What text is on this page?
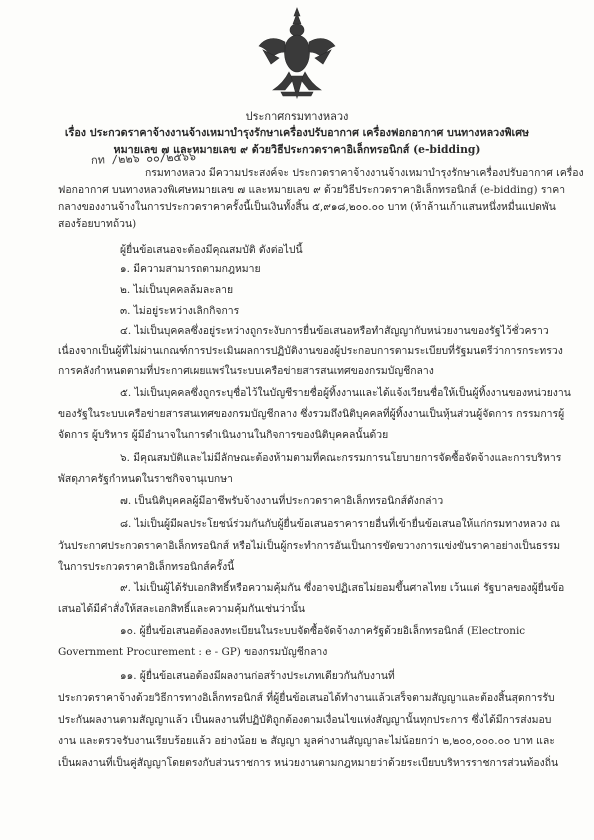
ประกาศกรมทางหลวง
เรื่อง ประกวดราคาจ้างงานจ้างเหมาบำรุงรักษาเครื่องปรับอากาศ เครื่องฟอกอากาศ บนทางหลวงพิเศษ
หมายเลข ๗ และหมายเลข ๙ ด้วยวิธีประกวดราคาอิเล็กทรอนิกส์ (e-bidding)
กท /๒๒๖ ๐๐/๒๕๖๖
กรมทางหลวง มีความประสงค์จะ ประกวดราคาจ้างงานจ้างเหมาบำรุงรักษาเครื่องปรับอากาศ เครื่อง
ฟอกอากาศ บนทางหลวงพิเศษหมายเลข ๗ และหมายเลข ๙ ด้วยวิธีประกวดราคาอิเล็กทรอนิกส์ (e-bidding) ราคา
กลางของงานจ้างในการประกวดราคาครั้งนี้เป็นเงินทั้งสิ้น ๕,๙๑๘,๒๐๐.๐๐ บาท (ห้าล้านเก้าแสนหนึ่งหมื่นแปดพัน
สองร้อยบาทถ้วน)
ผู้ยื่นข้อเสนอจะต้องมีคุณสมบัติ ดังต่อไปนี้
๑. มีความสามารถตามกฎหมาย
๒. ไม่เป็นบุคคลล้มละลาย
๓. ไม่อยู่ระหว่างเลิกกิจการ
๔. ไม่เป็นบุคคลซึ่งอยู่ระหว่างถูกระงับการยื่นข้อเสนอหรือทำสัญญากับหน่วยงานของรัฐไว้ชั่วคราว
เนื่องจากเป็นผู้ที่ไม่ผ่านเกณฑ์การประเมินผลการปฏิบัติงานของผู้ประกอบการตามระเบียบที่รัฐมนตรีว่าการกระทรวง
การคลังกำหนดตามที่ประกาศเผยแพร่ในระบบเครือข่ายสารสนเทศของกรมบัญชีกลาง
๕. ไม่เป็นบุคคลซึ่งถูกระบุชื่อไว้ในบัญชีรายชื่อผู้ทิ้งงานและได้แจ้งเวียนชื่อให้เป็นผู้ทิ้งงานของหน่วยงาน
ของรัฐในระบบเครือข่ายสารสนเทศของกรมบัญชีกลาง ซึ่งรวมถึงนิติบุคคลที่ผู้ทิ้งงานเป็นหุ้นส่วนผู้จัดการ กรรมการผู้
จัดการ ผู้บริหาร ผู้มีอำนาจในการดำเนินงานในกิจการของนิติบุคคลนั้นด้วย
๖. มีคุณสมบัติและไม่มีลักษณะต้องห้ามตามที่คณะกรรมการนโยบายการจัดซื้อจัดจ้างและการบริหาร
พัสดุภาครัฐกำหนดในราชกิจจานุเบกษา
๗. เป็นนิติบุคคลผู้มีอาชีพรับจ้างงานที่ประกวดราคาอิเล็กทรอนิกส์ดังกล่าว
๘. ไม่เป็นผู้มีผลประโยชน์ร่วมกันกับผู้ยื่นข้อเสนอราคารายอื่นที่เข้ายื่นข้อเสนอให้แก่กรมทางหลวง ณ
วันประกาศประกวดราคาอิเล็กทรอนิกส์ หรือไม่เป็นผู้กระทำการอันเป็นการขัดขวางการแข่งขันราคาอย่างเป็นธรรม
ในการประกวดราคาอิเล็กทรอนิกส์ครั้งนี้
๙. ไม่เป็นผู้ได้รับเอกสิทธิ์หรือความคุ้มกัน ซึ่งอาจปฏิเสธไม่ยอมขึ้นศาลไทย เว้นแต่ รัฐบาลของผู้ยื่นข้อ
เสนอได้มีคำสั่งให้สละเอกสิทธิ์และความคุ้มกันเช่นว่านั้น
๑๐. ผู้ยื่นข้อเสนอต้องลงทะเบียนในระบบจัดซื้อจัดจ้างภาครัฐด้วยอิเล็กทรอนิกส์ (Electronic
Government Procurement : e - GP) ของกรมบัญชีกลาง
๑๑. ผู้ยื่นข้อเสนอต้องมีผลงานก่อสร้างประเภทเดียวกันกับงานที่
ประกวดราคาจ้างด้วยวิธีการทางอิเล็กทรอนิกส์ ที่ผู้ยื่นข้อเสนอได้ทำงานแล้วเสร็จตามสัญญาและต้องสิ้นสุดการรับ
ประกันผลงานตามสัญญาแล้ว เป็นผลงานที่ปฏิบัติถูกต้องตามเงื่อนไขแห่งสัญญานั้นทุกประการ ซึ่งได้มีการส่งมอบ
งาน และตรวจรับงานเรียบร้อยแล้ว อย่างน้อย ๒ สัญญา มูลค่างานสัญญาละไม่น้อยกว่า ๒,๒๐๐,๐๐๐.๐๐ บาท และ
เป็นผลงานที่เป็นคู่สัญญาโดยตรงกับส่วนราชการ หน่วยงานตามกฎหมายว่าด้วยระเบียบบริหารราชการส่วนท้องถิ่น
